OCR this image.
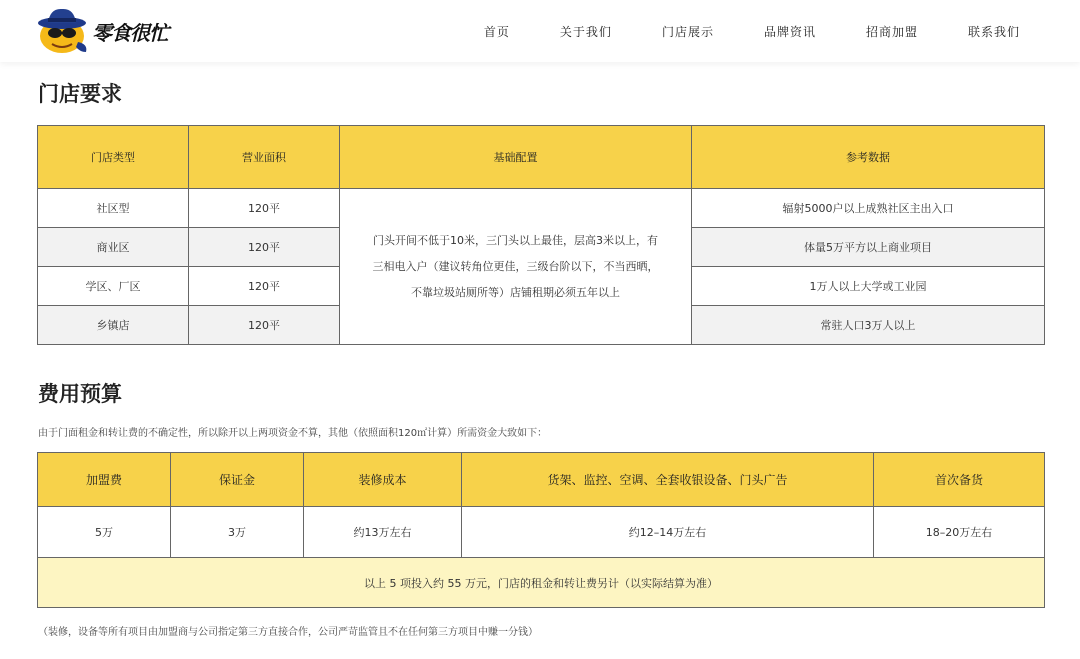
零食很忙	首页	关于我们	门店展示	品牌资讯	招商加盟	联系我们
门店要求
门店类型	营业面积	基础配置	参考数据
社区型	120平	门头开间不低于10米，三门头以上最佳，层高3米以上，有
三相电入户（建议转角位更佳，三级台阶以下，不当西晒，
不靠垃圾站厕所等）店铺租期必须五年以上	辐射5000户以上成熟社区主出入口
商业区	120平		体量5万平方以上商业项目
学区、厂区	120平		1万人以上大学或工业园
乡镇店	120平		常驻人口3万人以上
费用预算
由于门面租金和转让费的不确定性，所以除开以上两项资金不算，其他（依照面积120㎡计算）所需资金大致如下：
加盟费	保证金	装修成本	货架、监控、空调、全套收银设备、门头广告	首次备货
5万	3万	约13万左右	约12–14万左右	18–20万左右
以上 5 项投入约 55 万元，门店的租金和转让费另计（以实际结算为准）				
（装修，设备等所有项目由加盟商与公司指定第三方直接合作，公司严苛监管且不在任何第三方项目中赚一分钱）
